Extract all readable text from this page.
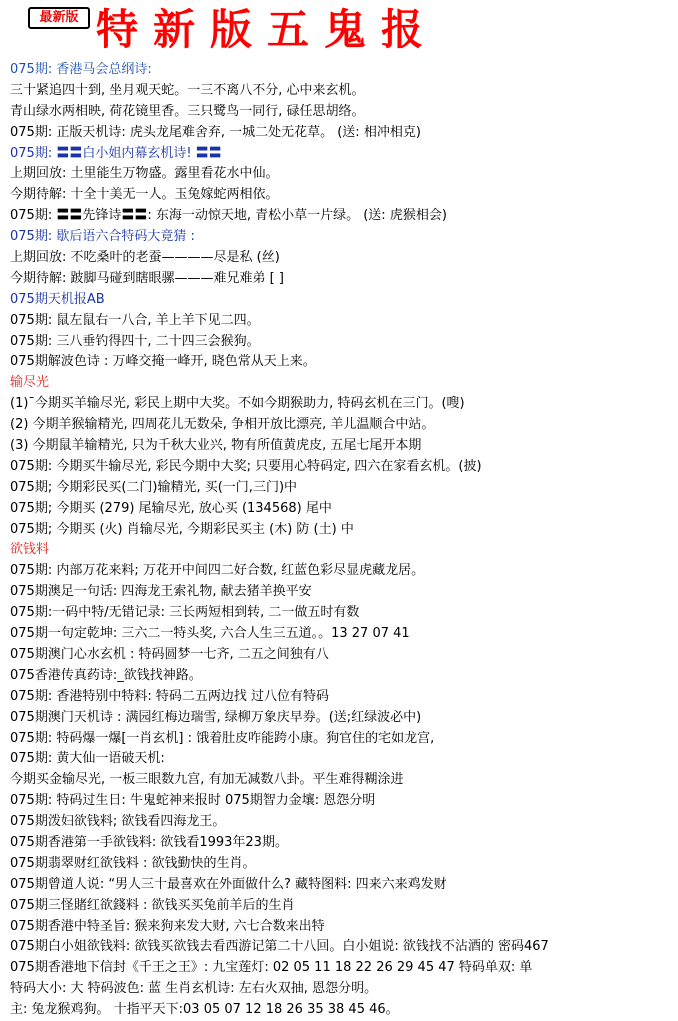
最新版 特新版五鬼报
075期: 香港马会总纲诗:
三十紧追四十到, 坐月观天蛇。一三不离八不分, 心中来玄机。
青山绿水两相映, 荷花镜里香。三只鹭鸟一同行, 碌任思胡络。
075期: 正版天机诗: 虎头龙尾难舍弃, 一城二处无花草。 (送: 相冲相克)
075期: 〓〓白小姐内幕玄机诗! 〓〓
上期回放: 土里能生万物盛。露里看花水中仙。
今期待解: 十全十美无一人。玉兔嫁蛇两相依。
075期: 〓〓先锋诗〓〓: 东海一动惊天地, 青松小草一片绿。 (送: 虎猴相会)
075期: 歇后语六合特码大竟猜 :
上期回放: 不吃桑叶的老蚕————尽是私 (丝)
今期待解: 跛脚马碰到瞎眼骡———难兄难弟 [ ]
075期天机报AB
075期: 鼠左鼠右一八合, 羊上羊下见二四。
075期: 三八垂钓得四十, 二十四三会猴狗。
075期解波色诗 : 万峰交掩一峰开, 晓色常从天上来。
输尽光
(1)¯今期买羊输尽光, 彩民上期中大奖。不如今期猴助力, 特码玄机在三门。(嗖)
(2) 今期羊猴输精光, 四周花儿无数朵, 争相开放比漂亮, 羊儿温顺合中站。
(3) 今期鼠羊输精光, 只为千秋大业兴, 物有所值黄虎皮, 五尾七尾开本期
075期: 今期买牛输尽光, 彩民今期中大奖; 只要用心特码定, 四六在家看玄机。(披)
075期; 今期彩民买(二门)输精光, 买(一门,三门)中
075期; 今期买 (279) 尾输尽光, 放心买 (134568) 尾中
075期; 今期买 (火) 肖输尽光, 今期彩民买主 (木) 防 (土) 中
欲钱料
075期: 内部万花来料; 万花开中间四二好合数, 红蓝色彩尽显虎藏龙居。
075期澳足一句话: 四海龙王索礼物, 献去猪羊换平安
075期:一码中特/无错记录: 三长两短相到转, 二一做五时有数
075期一句定乾坤: 三六二一特头奖, 六合人生三五道。。13 27 07 41
075期澳门心水玄机 : 特码圆梦一七齐, 二五之间独有八
075香港传真药诗:_欲钱找神路。
075期: 香港特别中特料: 特码二五两边找 过八位有特码
075期澳门天机诗 : 满园红梅边瑞雪, 绿柳万象庆早券。(送;红绿波必中)
075期: 特码爆一爆[一肖玄机] : 饿着肚皮咋能跨小康。狗官住的宅如龙宫,
075期: 黄大仙一语破天机:
今期买金输尽光, 一板三眼数九宫, 有加无减数八卦。平生难得糊涂进
075期: 特码过生日: 牛鬼蛇神来报时 075期智力金壤: 恩怨分明
075期泼妇欲钱料; 欲钱看四海龙王。
075期香港第一手欲钱料: 欲钱看1993年23期。
075期翡翠财红欲钱料 : 欲钱勤快的生肖。
075期曾道人说: “男人三十最喜欢在外面做什么? 藏特图料: 四来六来鸡发财
075期三怪賭红欲錢料 : 欲钱买买兔前羊后的生肖
075期香港中特圣旨: 猴来狗来发大财, 六七合数来出特
075期白小姐欲钱料: 欲钱买欲钱去看西游记第二十八回。白小姐说: 欲钱找不沾酒的 密码467
075期香港地下信封《千王之王》: 九宝莲灯: 02 05 11 18 22 26 29 45 47 特码单双: 单
特码大小: 大 特码波色: 蓝 生肖玄机诗: 左右火双抽, 恩怨分明。
主: 兔龙猴鸡狗。 十指平天下:03 05 07 12 18 26 35 38 45 46。
